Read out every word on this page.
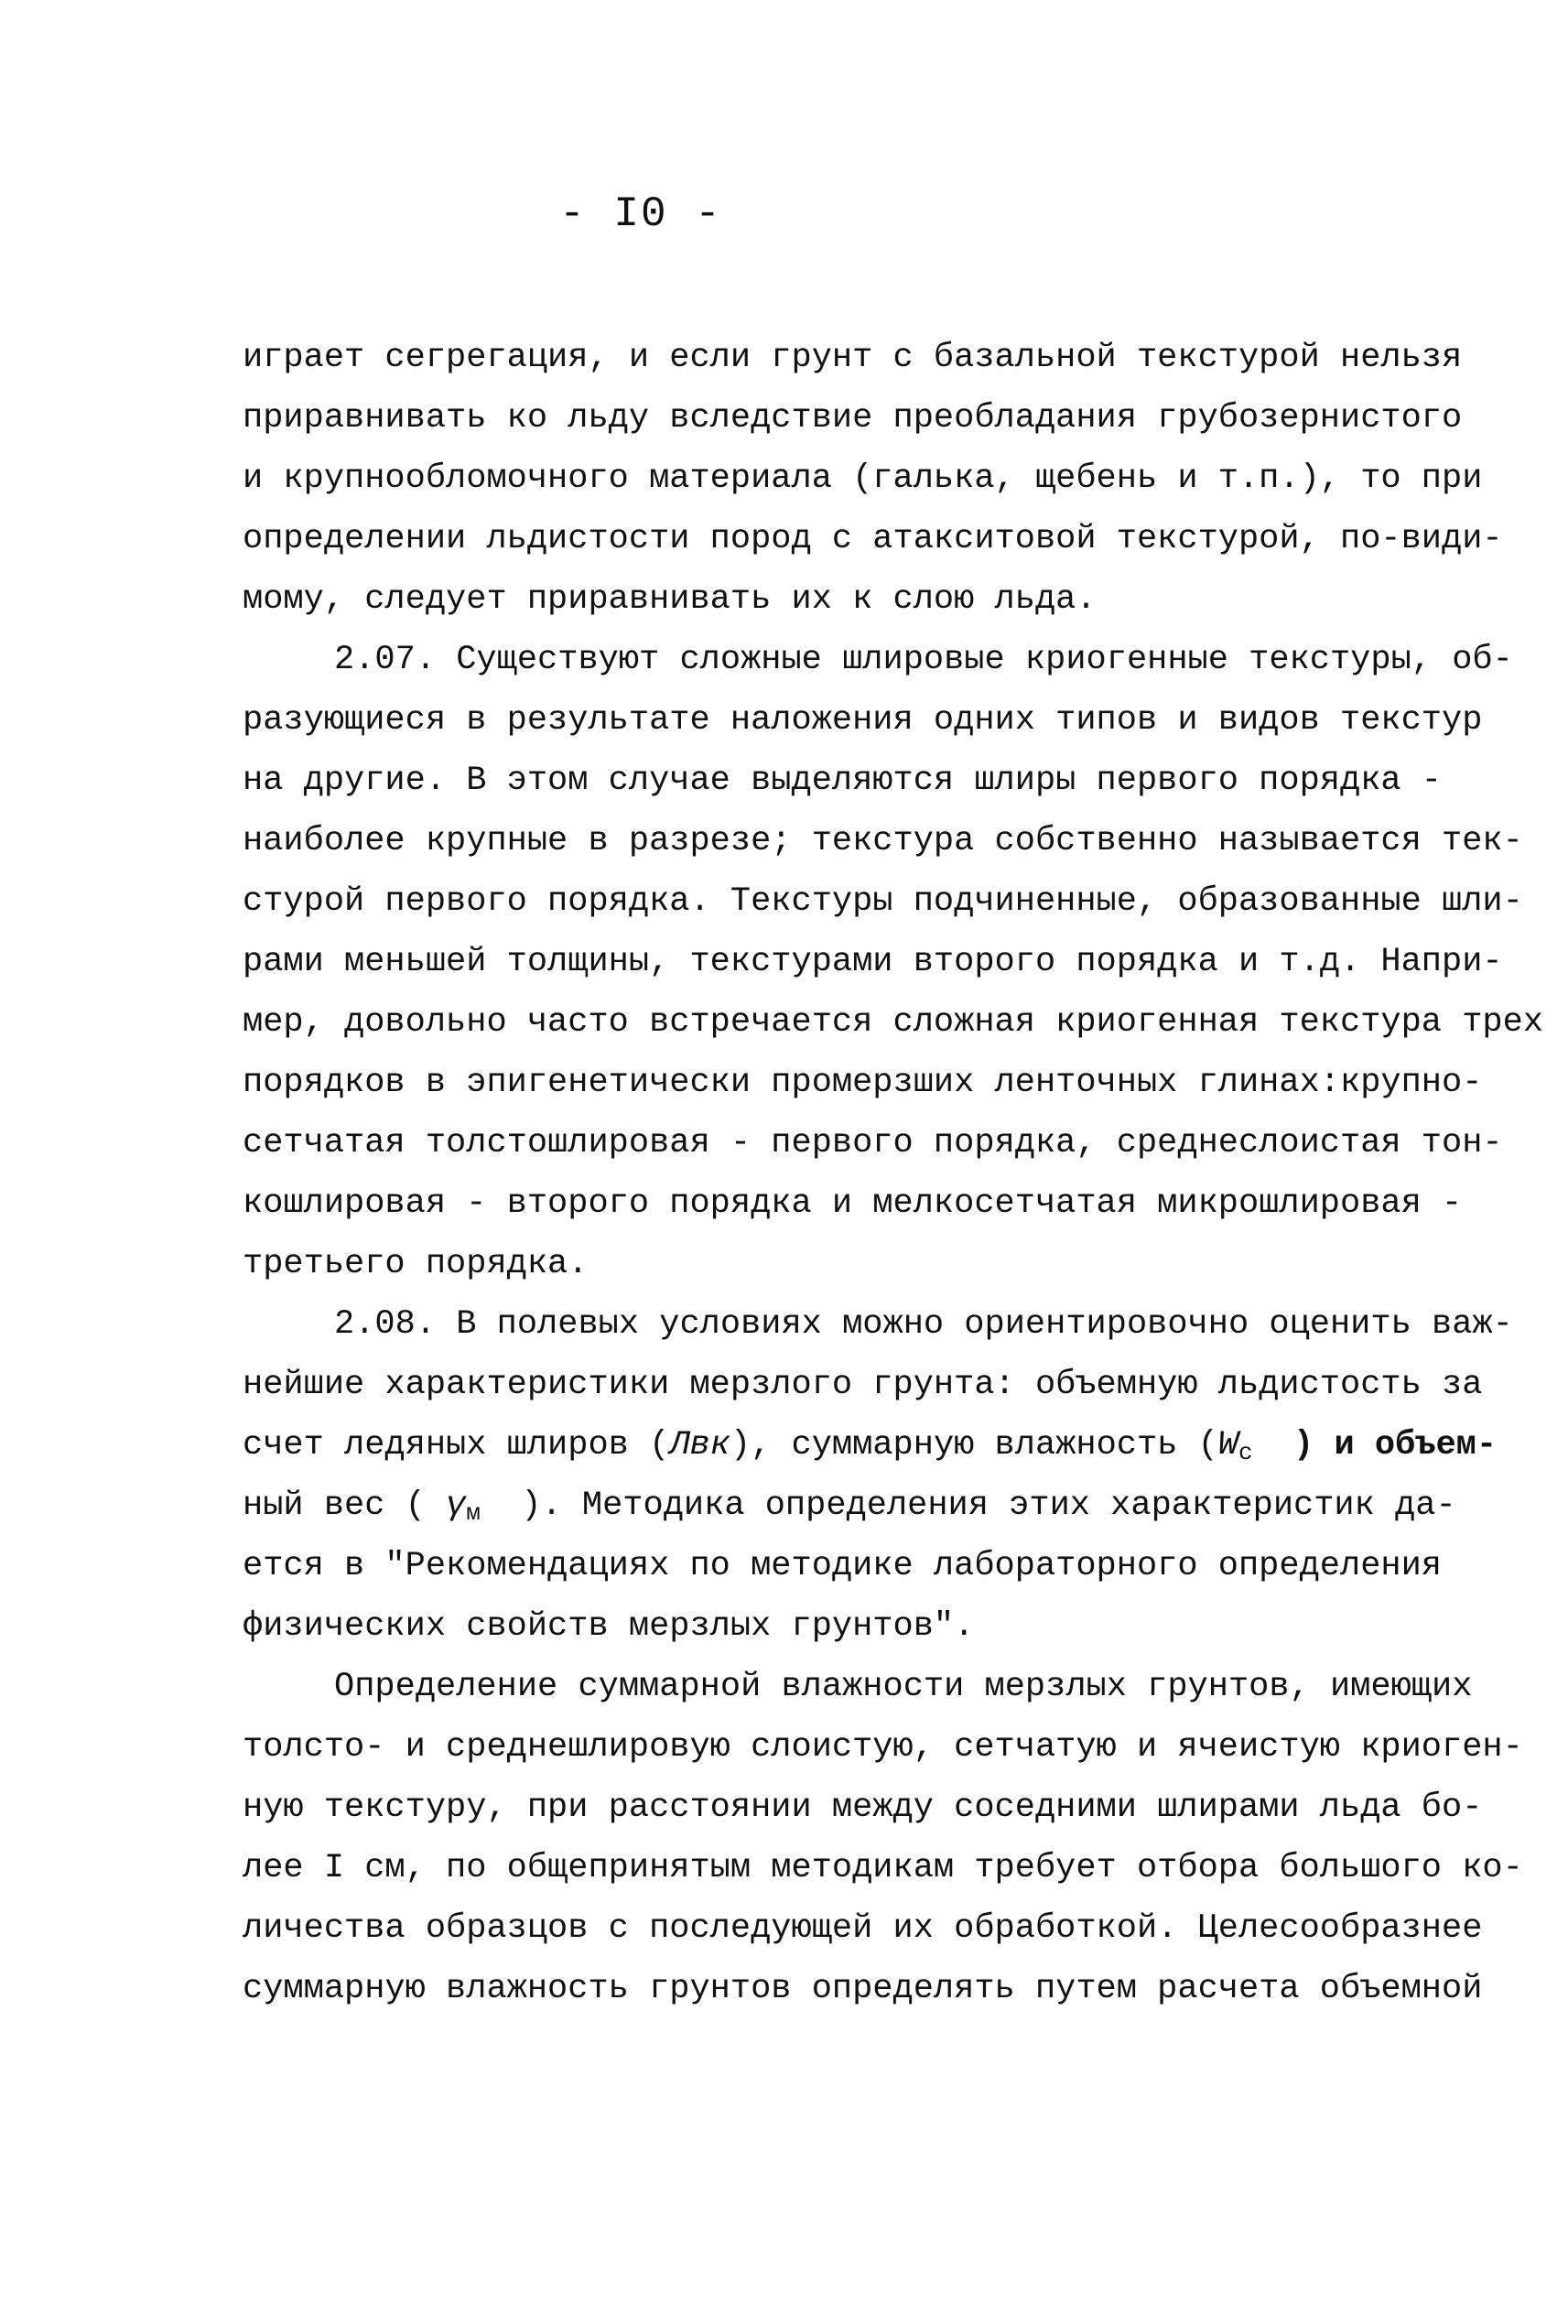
- I0 -
играет сегрегация, и если грунт с базальной текстурой нельзя
приравнивать ко льду вследствие преобладания грубозернистого
и крупнообломочного материала (галька, щебень и т.п.), то при
определении льдистости пород с атакситовой текстурой, по-види-
мому, следует приравнивать их к слою льда.
2.07. Существуют сложные шлировые криогенные текстуры, об-
разующиеся в результате наложения одних типов и видов текстур
на другие. В этом случае выделяются шлиры первого порядка -
наиболее крупные в разрезе; текстура собственно называется тек-
стурой первого порядка. Текстуры подчиненные, образованные шли-
рами меньшей толщины, текстурами второго порядка и т.д. Напри-
мер, довольно часто встречается сложная криогенная текстура трех
порядков в эпигенетически промерзших ленточных глинах:крупно-
сетчатая толстошлировая - первого порядка, среднеслоистая тон-
кошлировая - второго порядка и мелкосетчатая микрошлировая -
третьего порядка.
2.08. В полевых условиях можно ориентировочно оценить важ-
нейшие характеристики мерзлого грунта: объемную льдистость за
счет ледяных шлиров (Лвк), суммарную влажность ($W_c$  ) и объем-
ный вес ( $\gamma_м$  ). Методика определения этих характеристик да-
ется в "Рекомендациях по методике лабораторного определения
физических свойств мерзлых грунтов".
Определение суммарной влажности мерзлых грунтов, имеющих
толсто- и среднешлировую слоистую, сетчатую и ячеистую криоген-
ную текстуру, при расстоянии между соседними шлирами льда бо-
лее I см, по общепринятым методикам требует отбора большого ко-
личества образцов с последующей их обработкой. Целесообразнее
суммарную влажность грунтов определять путем расчета объемной
